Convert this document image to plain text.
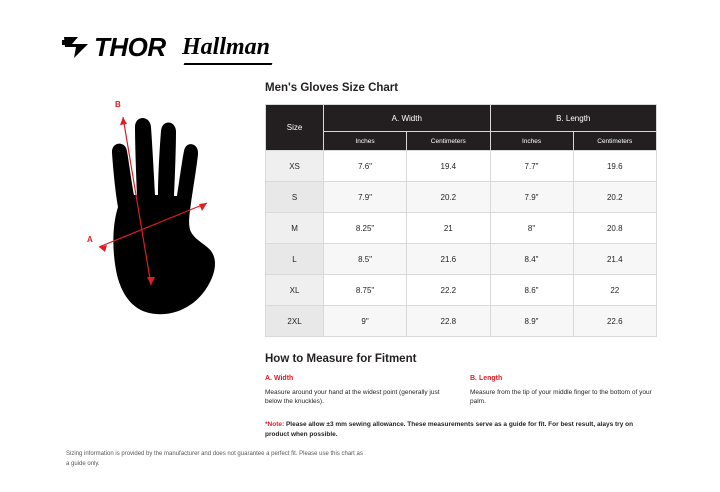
THOR Hallman
B
A
Men's Gloves Size Chart
Size	A. Width		B. Length	
	Inches	Centimeters	Inches	Centimeters
XS	7.6"	19.4	7.7"	19.6
S	7.9"	20.2	7.9"	20.2
M	8.25"	21	8"	20.8
L	8.5"	21.6	8.4"	21.4
XL	8.75"	22.2	8.6"	22
2XL	9"	22.8	8.9"	22.6
How to Measure for Fitment
A. Width
Measure around your hand at the widest point (generally just below the knuckles).
B. Length
Measure from the tip of your middle finger to the bottom of your palm.
*Note: Please allow ±3 mm sewing allowance. These measurements serve as a guide for fit. For best result, alays try on product when possible.
Sizing information is provided by the manufacturer and does not guarantee a perfect fit. Please use this chart as a guide only.
